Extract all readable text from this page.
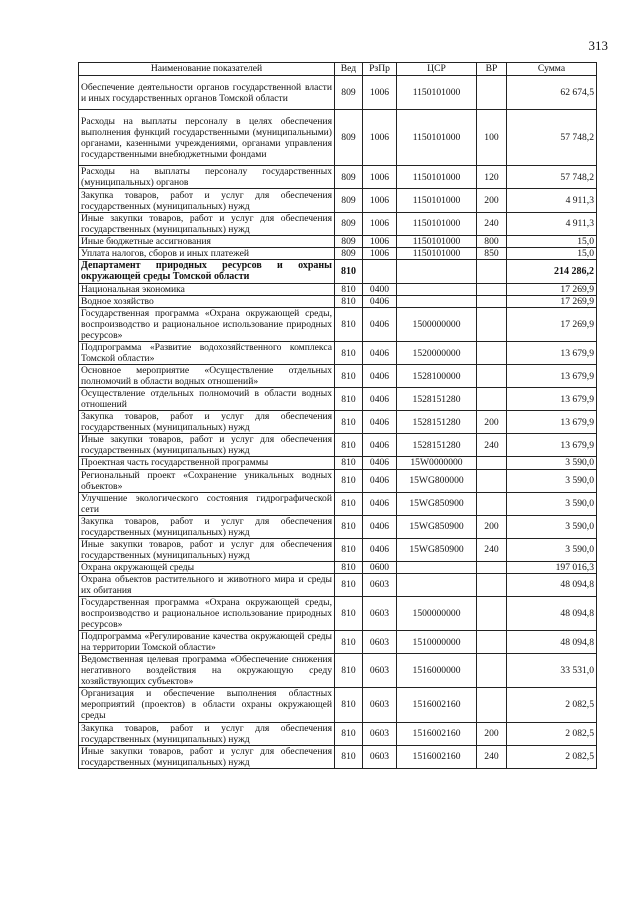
313
Наименование показателей	Вед	РзПр	ЦСР	ВР	Сумма
Обеспечение деятельности органов государственной власти и иных государственных органов Томской области	809	1006	1150101000		62 674,5
Расходы на выплаты персоналу в целях обеспечения выполнения функций государственными (муниципальными) органами, казенными учреждениями, органами управления государственными внебюджетными фондами	809	1006	1150101000	100	57 748,2
Расходы на выплаты персоналу государственных (муниципальных) органов	809	1006	1150101000	120	57 748,2
Закупка товаров, работ и услуг для обеспечения государственных (муниципальных) нужд	809	1006	1150101000	200	4 911,3
Иные закупки товаров, работ и услуг для обеспечения государственных (муниципальных) нужд	809	1006	1150101000	240	4 911,3
Иные бюджетные ассигнования	809	1006	1150101000	800	15,0
Уплата налогов, сборов и иных платежей	809	1006	1150101000	850	15,0
Департамент природных ресурсов и охраны окружающей среды Томской области	810				214 286,2
Национальная экономика	810	0400			17 269,9
Водное хозяйство	810	0406			17 269,9
Государственная программа «Охрана окружающей среды, воспроизводство и рациональное использование природных ресурсов»	810	0406	1500000000		17 269,9
Подпрограмма «Развитие водохозяйственного комплекса Томской области»	810	0406	1520000000		13 679,9
Основное мероприятие «Осуществление отдельных полномочий в области водных отношений»	810	0406	1528100000		13 679,9
Осуществление отдельных полномочий в области водных отношений	810	0406	1528151280		13 679,9
Закупка товаров, работ и услуг для обеспечения государственных (муниципальных) нужд	810	0406	1528151280	200	13 679,9
Иные закупки товаров, работ и услуг для обеспечения государственных (муниципальных) нужд	810	0406	1528151280	240	13 679,9
Проектная часть государственной программы	810	0406	15W0000000		3 590,0
Региональный проект «Сохранение уникальных водных объектов»	810	0406	15WG800000		3 590,0
Улучшение экологического состояния гидрографической сети	810	0406	15WG850900		3 590,0
Закупка товаров, работ и услуг для обеспечения государственных (муниципальных) нужд	810	0406	15WG850900	200	3 590,0
Иные закупки товаров, работ и услуг для обеспечения государственных (муниципальных) нужд	810	0406	15WG850900	240	3 590,0
Охрана окружающей среды	810	0600			197 016,3
Охрана объектов растительного и животного мира и среды их обитания	810	0603			48 094,8
Государственная программа «Охрана окружающей среды, воспроизводство и рациональное использование природных ресурсов»	810	0603	1500000000		48 094,8
Подпрограмма «Регулирование качества окружающей среды на территории Томской области»	810	0603	1510000000		48 094,8
Ведомственная целевая программа «Обеспечение снижения негативного воздействия на окружающую среду хозяйствующих субъектов»	810	0603	1516000000		33 531,0
Организация и обеспечение выполнения областных мероприятий (проектов) в области охраны окружающей среды	810	0603	1516002160		2 082,5
Закупка товаров, работ и услуг для обеспечения государственных (муниципальных) нужд	810	0603	1516002160	200	2 082,5
Иные закупки товаров, работ и услуг для обеспечения государственных (муниципальных) нужд	810	0603	1516002160	240	2 082,5
